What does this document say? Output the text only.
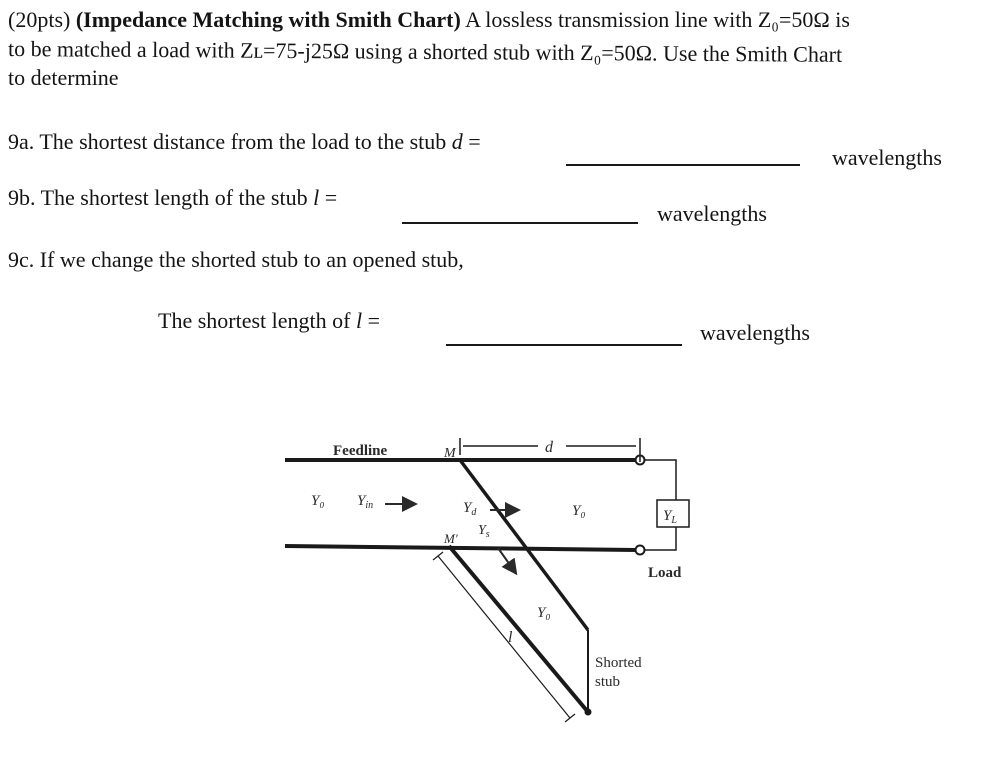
(20pts) (Impedance Matching with Smith Chart) A lossless transmission line with Z₀=50Ω is
to be matched a load with Zʟ=75-j25Ω using a shorted stub with Z₀=50Ω. Use the Smith Chart
to determine
9a. The shortest distance from the load to the stub d =
wavelengths
9b. The shortest length of the stub l =
wavelengths
9c. If we change the shorted stub to an opened stub,
The shortest length of l =	wavelengths
$Y_L$
l
d
Feedline	M
M′
Y₀ $Y_{in}$	$Y_d$
$Y_s$
Y₀
Load
Y₀
Shorted
stub
